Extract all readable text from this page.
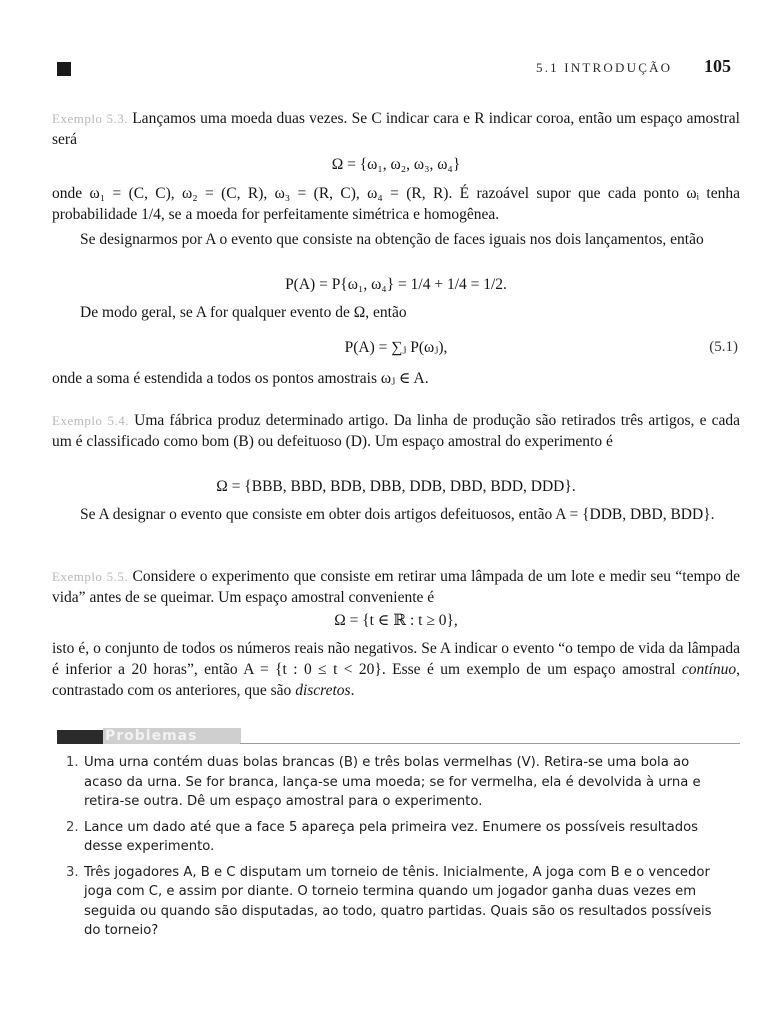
5.1 INTRODUÇÃO 105
Exemplo 5.3. Lançamos uma moeda duas vezes. Se C indicar cara e R indicar coroa, então um espaço amostral será
Ω = {ω₁, ω₂, ω₃, ω₄}
onde ω₁ = (C, C), ω₂ = (C, R), ω₃ = (R, C), ω₄ = (R, R). É razoável supor que cada ponto ωᵢ tenha probabilidade 1/4, se a moeda for perfeitamente simétrica e homogênea.
Se designarmos por A o evento que consiste na obtenção de faces iguais nos dois lançamentos, então
P(A) = P{ω₁, ω₄} = 1/4 + 1/4 = 1/2.
De modo geral, se A for qualquer evento de Ω, então
P(A) = ∑ⱼ P(ωⱼ),	(5.1)
onde a soma é estendida a todos os pontos amostrais ωⱼ ∈ A.
Exemplo 5.4. Uma fábrica produz determinado artigo. Da linha de produção são retirados três artigos, e cada um é classificado como bom (B) ou defeituoso (D). Um espaço amostral do experimento é
Ω = {BBB, BBD, BDB, DBB, DDB, DBD, BDD, DDD}.
Se A designar o evento que consiste em obter dois artigos defeituosos, então A = {DDB, DBD, BDD}.
Exemplo 5.5. Considere o experimento que consiste em retirar uma lâmpada de um lote e medir seu “tempo de vida” antes de se queimar. Um espaço amostral conveniente é
Ω = {t ∈ ℝ : t ≥ 0},
isto é, o conjunto de todos os números reais não negativos. Se A indicar o evento “o tempo de vida da lâmpada é inferior a 20 horas”, então A = {t : 0 ≤ t < 20}. Esse é um exemplo de um espaço amostral contínuo, contrastado com os anteriores, que são discretos.
Problemas
1. Uma urna contém duas bolas brancas (B) e três bolas vermelhas (V). Retira-se uma bola ao acaso da urna. Se for branca, lança-se uma moeda; se for vermelha, ela é devolvida à urna e retira-se outra. Dê um espaço amostral para o experimento.
2. Lance um dado até que a face 5 apareça pela primeira vez. Enumere os possíveis resultados desse experimento.
3. Três jogadores A, B e C disputam um torneio de tênis. Inicialmente, A joga com B e o vencedor joga com C, e assim por diante. O torneio termina quando um jogador ganha duas vezes em seguida ou quando são disputadas, ao todo, quatro partidas. Quais são os resultados possíveis do torneio?
